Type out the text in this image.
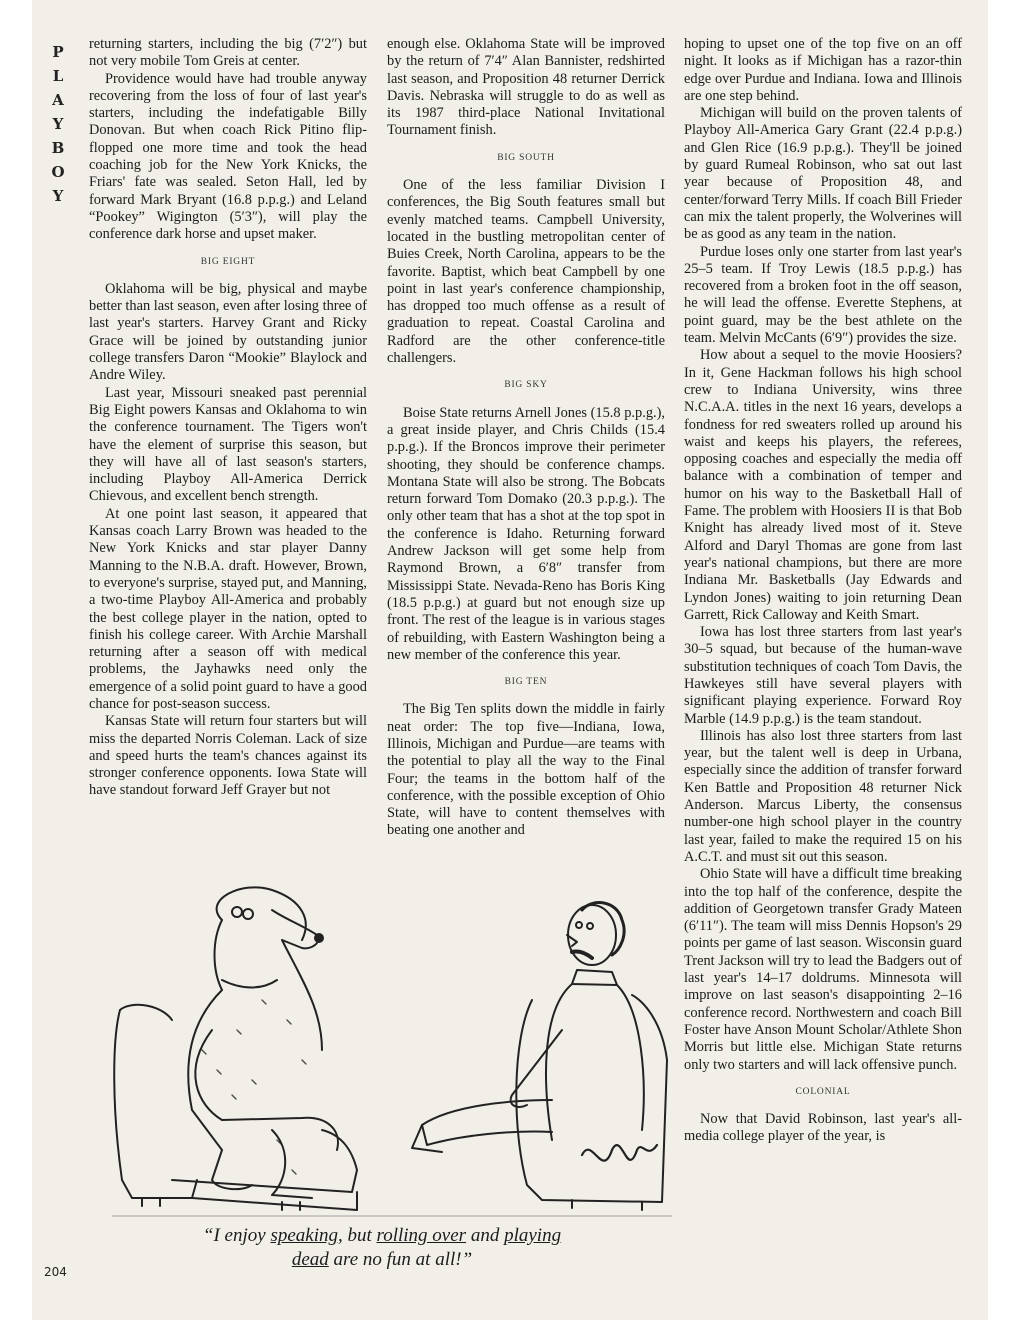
P
L
A
Y
B
O
Y

returning starters, including the big (7′2″) but not very mobile Tom Greis at center.

Providence would have had trouble anyway recovering from the loss of four of last year's starters, including the indefatigable Billy Donovan. But when coach Rick Pitino flip-flopped one more time and took the head coaching job for the New York Knicks, the Friars' fate was sealed. Seton Hall, led by forward Mark Bryant (16.8 p.p.g.) and Leland “Pookey” Wigington (5′3″), will play the conference dark horse and upset maker.

BIG EIGHT

Oklahoma will be big, physical and maybe better than last season, even after losing three of last year's starters. Harvey Grant and Ricky Grace will be joined by outstanding junior college transfers Daron “Mookie” Blaylock and Andre Wiley.

Last year, Missouri sneaked past perennial Big Eight powers Kansas and Oklahoma to win the conference tournament. The Tigers won't have the element of surprise this season, but they will have all of last season's starters, including Playboy All-America Derrick Chievous, and excellent bench strength.

At one point last season, it appeared that Kansas coach Larry Brown was headed to the New York Knicks and star player Danny Manning to the N.B.A. draft. However, Brown, to everyone's surprise, stayed put, and Manning, a two-time Playboy All-America and probably the best college player in the nation, opted to finish his college career. With Archie Marshall returning after a season off with medical problems, the Jayhawks need only the emergence of a solid point guard to have a good chance for post-season success.

Kansas State will return four starters but will miss the departed Norris Coleman. Lack of size and speed hurts the team's chances against its stronger conference opponents. Iowa State will have standout forward Jeff Grayer but not

enough else. Oklahoma State will be improved by the return of 7′4″ Alan Bannister, redshirted last season, and Proposition 48 returner Derrick Davis. Nebraska will struggle to do as well as its 1987 third-place National Invitational Tournament finish.

BIG SOUTH

One of the less familiar Division I conferences, the Big South features small but evenly matched teams. Campbell University, located in the bustling metropolitan center of Buies Creek, North Carolina, appears to be the favorite. Baptist, which beat Campbell by one point in last year's conference championship, has dropped too much offense as a result of graduation to repeat. Coastal Carolina and Radford are the other conference-title challengers.

BIG SKY

Boise State returns Arnell Jones (15.8 p.p.g.), a great inside player, and Chris Childs (15.4 p.p.g.). If the Broncos improve their perimeter shooting, they should be conference champs. Montana State will also be strong. The Bobcats return forward Tom Domako (20.3 p.p.g.). The only other team that has a shot at the top spot in the conference is Idaho. Returning forward Andrew Jackson will get some help from Raymond Brown, a 6′8″ transfer from Mississippi State. Nevada-Reno has Boris King (18.5 p.p.g.) at guard but not enough size up front. The rest of the league is in various stages of rebuilding, with Eastern Washington being a new member of the conference this year.

BIG TEN

The Big Ten splits down the middle in fairly neat order: The top five—Indiana, Iowa, Illinois, Michigan and Purdue—are teams with the potential to play all the way to the Final Four; the teams in the bottom half of the conference, with the possible exception of Ohio State, will have to content themselves with beating one another and

hoping to upset one of the top five on an off night. It looks as if Michigan has a razor-thin edge over Purdue and Indiana. Iowa and Illinois are one step behind.

Michigan will build on the proven talents of Playboy All-America Gary Grant (22.4 p.p.g.) and Glen Rice (16.9 p.p.g.). They'll be joined by guard Rumeal Robinson, who sat out last year because of Proposition 48, and center/forward Terry Mills. If coach Bill Frieder can mix the talent properly, the Wolverines will be as good as any team in the nation.

Purdue loses only one starter from last year's 25–5 team. If Troy Lewis (18.5 p.p.g.) has recovered from a broken foot in the off season, he will lead the offense. Everette Stephens, at point guard, may be the best athlete on the team. Melvin McCants (6′9″) provides the size.

How about a sequel to the movie Hoosiers? In it, Gene Hackman follows his high school crew to Indiana University, wins three N.C.A.A. titles in the next 16 years, develops a fondness for red sweaters rolled up around his waist and keeps his players, the referees, opposing coaches and especially the media off balance with a combination of temper and humor on his way to the Basketball Hall of Fame. The problem with Hoosiers II is that Bob Knight has already lived most of it. Steve Alford and Daryl Thomas are gone from last year's national champions, but there are more Indiana Mr. Basketballs (Jay Edwards and Lyndon Jones) waiting to join returning Dean Garrett, Rick Calloway and Keith Smart.

Iowa has lost three starters from last year's 30–5 squad, but because of the human-wave substitution techniques of coach Tom Davis, the Hawkeyes still have several players with significant playing experience. Forward Roy Marble (14.9 p.p.g.) is the team standout.

Illinois has also lost three starters from last year, but the talent well is deep in Urbana, especially since the addition of transfer forward Ken Battle and Proposition 48 returner Nick Anderson. Marcus Liberty, the consensus number-one high school player in the country last year, failed to make the required 15 on his A.C.T. and must sit out this season.

Ohio State will have a difficult time breaking into the top half of the conference, despite the addition of Georgetown transfer Grady Mateen (6′11″). The team will miss Dennis Hopson's 29 points per game of last season. Wisconsin guard Trent Jackson will try to lead the Badgers out of last year's 14–17 doldrums. Minnesota will improve on last season's disappointing 2–16 conference record. Northwestern and coach Bill Foster have Anson Mount Scholar/Athlete Shon Morris but little else. Michigan State returns only two starters and will lack offensive punch.

COLONIAL

Now that David Robinson, last year's all-media college player of the year, is

“I enjoy speaking, but rolling over and playing dead are no fun at all!”
204
